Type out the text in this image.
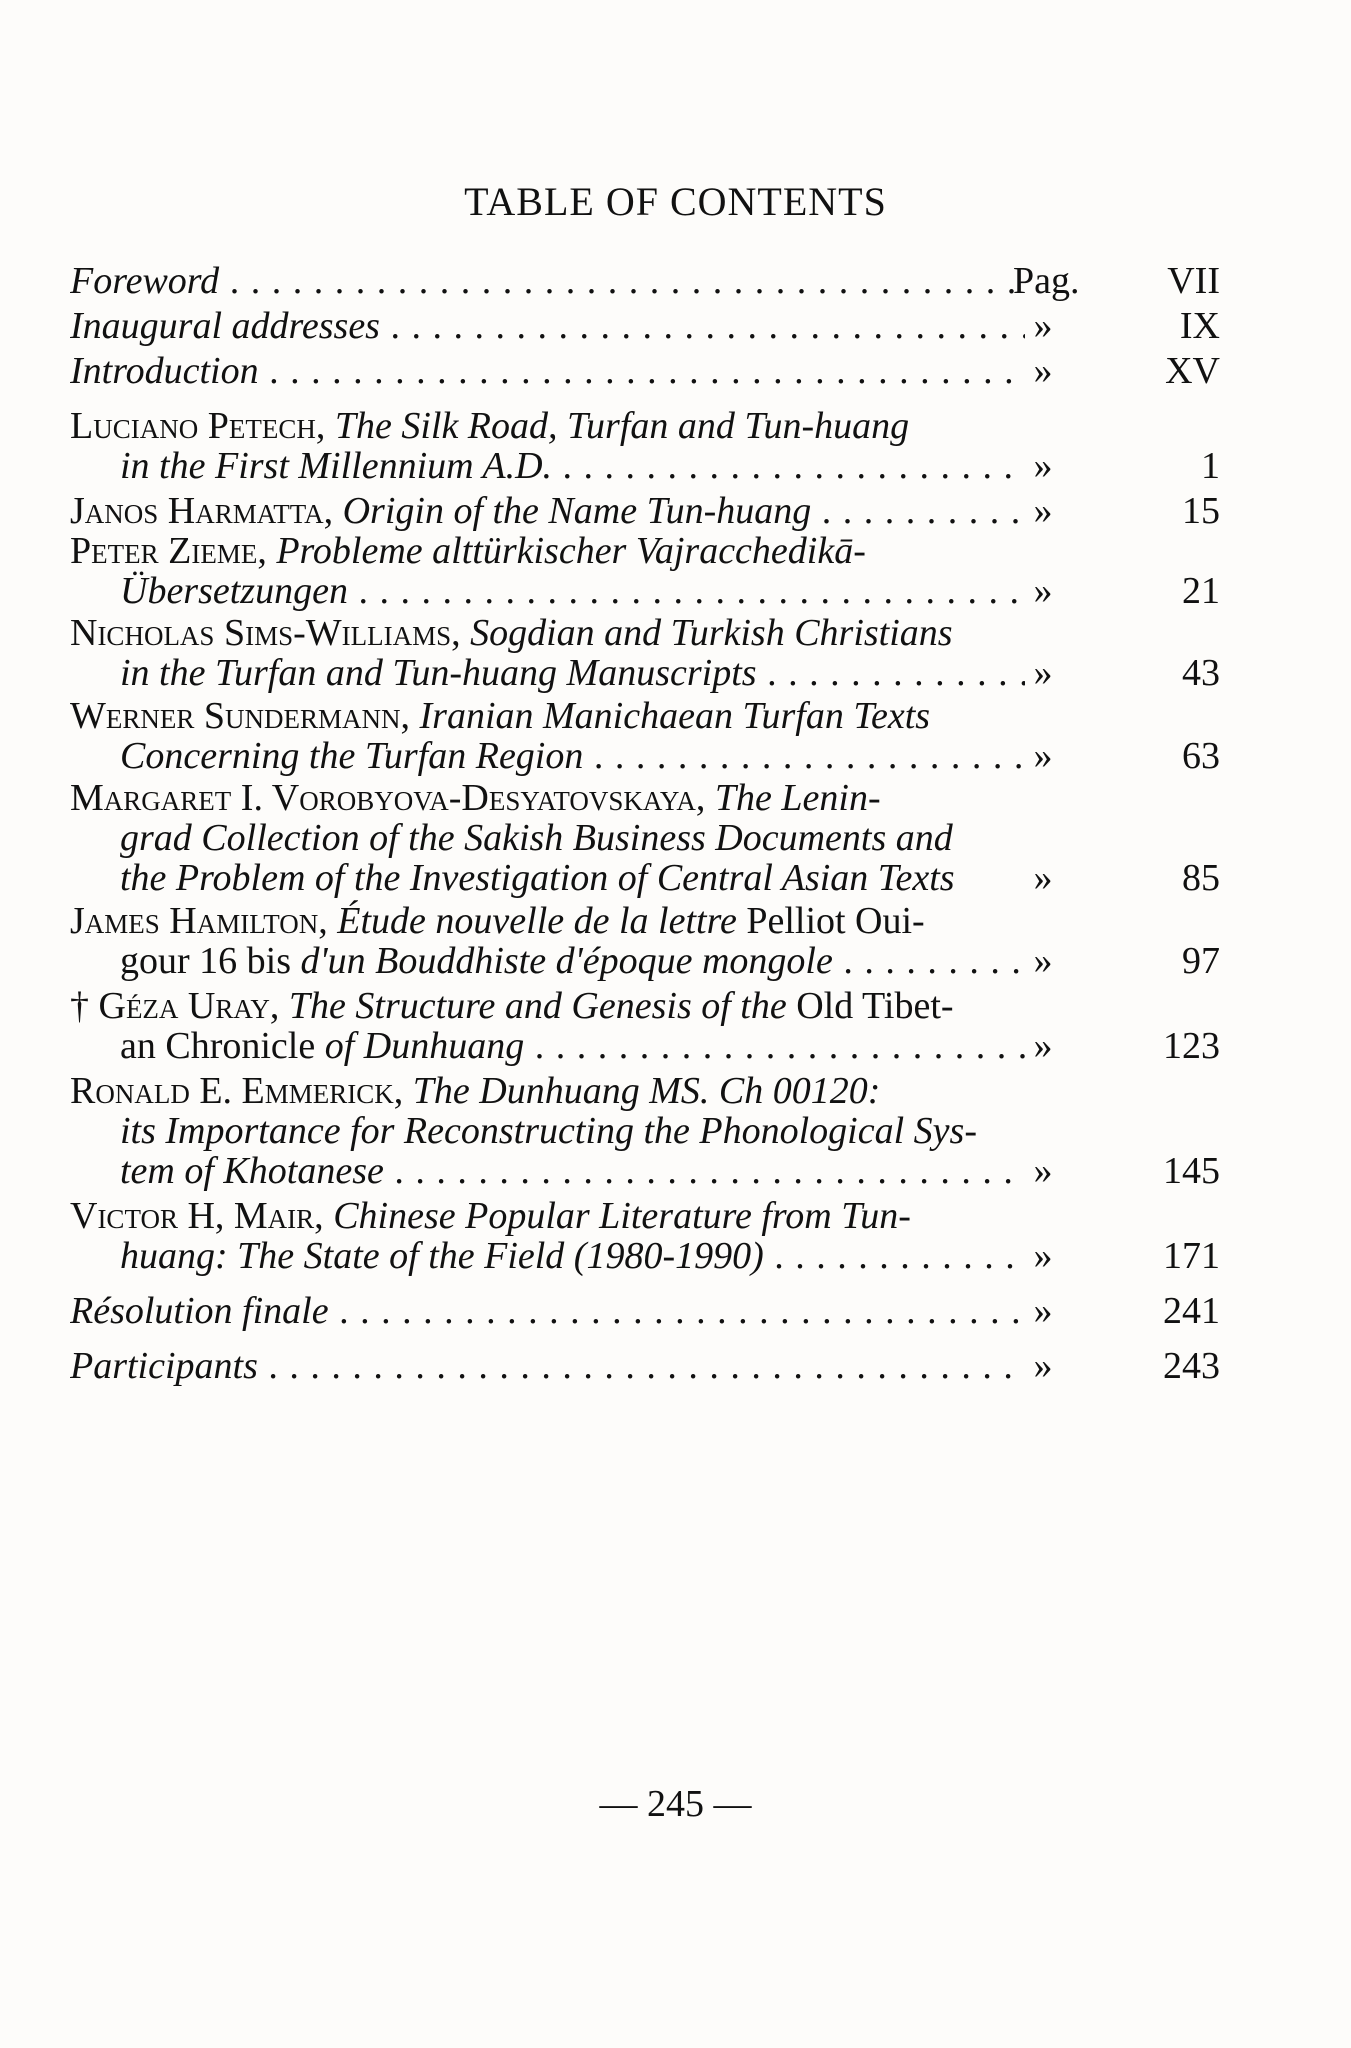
TABLE OF CONTENTS
Foreword . . .	Pag.	VII
Inaugural addresses . . .	»	IX
Introduction . . .	»	XV
Luciano Petech, The Silk Road, Turfan and Tun-huang
in the First Millennium A.D. . . .	»	1
Janos Harmatta, Origin of the Name Tun-huang . . .	»	15
Peter Zieme, Probleme alttürkischer Vajracchedikā-
Übersetzungen . . .	»	21
Nicholas Sims-Williams, Sogdian and Turkish Christians
in the Turfan and Tun-huang Manuscripts . . .	»	43
Werner Sundermann, Iranian Manichaean Turfan Texts
Concerning the Turfan Region . . .	»	63
Margaret I. Vorobyova-Desyatovskaya, The Lenin-
grad Collection of the Sakish Business Documents and
the Problem of the Investigation of Central Asian Texts	»	85
James Hamilton, Étude nouvelle de la lettre Pelliot Oui-
gour 16 bis d'un Bouddhiste d'époque mongole . . .	»	97
† Géza Uray, The Structure and Genesis of the Old Tibet-
an Chronicle of Dunhuang . . .	»	123
Ronald E. Emmerick, The Dunhuang MS. Ch 00120:
its Importance for Reconstructing the Phonological Sys-
tem of Khotanese . . .	»	145
Victor H, Mair, Chinese Popular Literature from Tun-
huang: The State of the Field (1980-1990) . . .	»	171
Résolution finale . . .	»	241
Participants . . .	»	243
— 245 —
